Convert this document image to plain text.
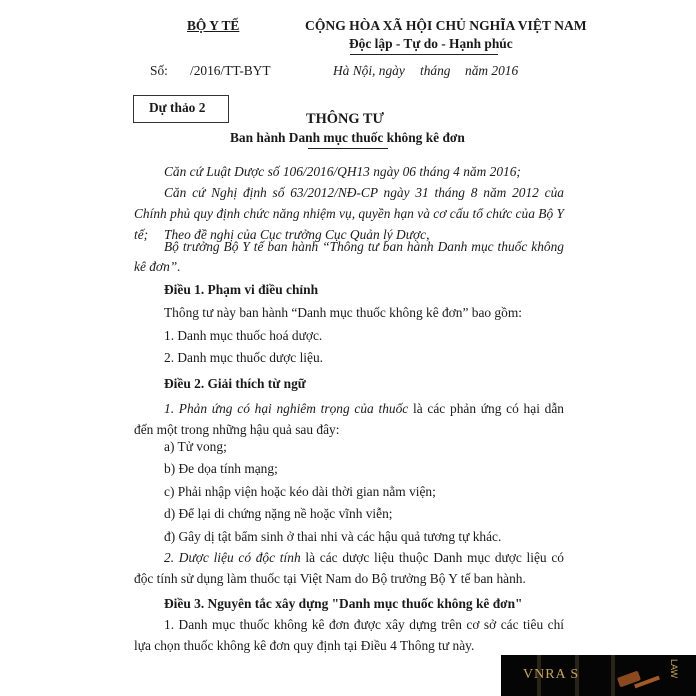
BỘ Y TẾ	CỘNG HÒA XÃ HỘI CHỦ NGHĨA VIỆT NAM
Độc lập - Tự do - Hạnh phúc
Số: /2016/TT-BYT	Hà Nội, ngày tháng năm 2016
Dự thảo 2
THÔNG TƯ
Ban hành Danh mục thuốc không kê đơn
Căn cứ Luật Dược số 106/2016/QH13 ngày 06 tháng 4 năm 2016;
Căn cứ Nghị định số 63/2012/NĐ-CP ngày 31 tháng 8 năm 2012 của Chính phủ quy định chức năng nhiệm vụ, quyền hạn và cơ cấu tổ chức của Bộ Y tế;	Theo đề nghị của Cục trưởng Cục Quản lý Dược,
Bộ trưởng Bộ Y tế ban hành “Thông tư ban hành Danh mục thuốc không kê đơn”.
Điều 1. Phạm vi điều chỉnh
Thông tư này ban hành “Danh mục thuốc không kê đơn” bao gồm:
1. Danh mục thuốc hoá dược.
2. Danh mục thuốc dược liệu.
Điều 2. Giải thích từ ngữ
1. Phản ứng có hại nghiêm trọng của thuốc là các phản ứng có hại dẫn đến một trong những hậu quả sau đây:
a) Tử vong;
b) Đe dọa tính mạng;
c) Phải nhập viện hoặc kéo dài thời gian nằm viện;
d) Để lại di chứng nặng nề hoặc vĩnh viễn;
đ) Gây dị tật bẩm sinh ở thai nhi và các hậu quả tương tự khác.
2. Dược liệu có độc tính là các dược liệu thuộc Danh mục dược liệu có độc tính sử dụng làm thuốc tại Việt Nam do Bộ trưởng Bộ Y tế ban hành.
Điều 3. Nguyên tắc xây dựng "Danh mục thuốc không kê đơn"
1. Danh mục thuốc không kê đơn được xây dựng trên cơ sở các tiêu chí lựa chọn thuốc không kê đơn quy định tại Điều 4 Thông tư này.
VNRA S	LAW
